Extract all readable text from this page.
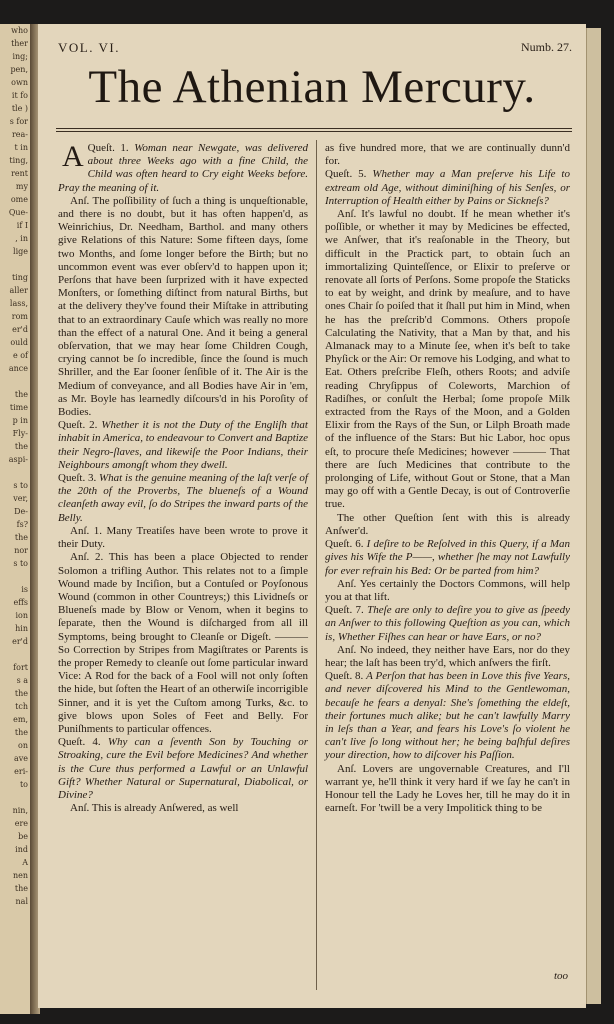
who
ther
ing;
pen,
own
it fo
tle )
s for
rea-
t in
ting,
rent
my
ome
Que-
if I
, in
lige

ting
aller
lass,
rom
er'd
ould
e of
ance

the
time
p in
Fly-
the
aspi-

s to
ver,
De-
fs?
the
nor
s to

is
effs
ion
hin
er'd

fort
s a
the
tch
em,
the
on
ave
eri-
to

nin,
ere
be
ind
A
nen
the
nal
VOL. VI.	Numb. 27.
The Athenian Mercury.

A Queſt. 1. Woman near Newgate, was delivered about three Weeks ago with a fine Child, the Child was often heard to Cry eight Weeks before. Pray the meaning of it.

Anſ. The poſſibility of ſuch a thing is unqueſtionable, and there is no doubt, but it has often happen'd, as Weinrichius, Dr. Needham, Barthol. and many others give Relations of this Nature: Some fifteen days, ſome two Months, and ſome longer before the Birth; but no uncommon event was ever obſerv'd to happen upon it; Perſons that have been ſurprized with it have expected Monſters, or ſomething diſtinct from natural Births, but at the delivery they've found their Miſtake in attributing that to an extraordinary Cauſe which was really no more than the effect of a natural One. And it being a general obſervation, that we may hear ſome Children Cough, crying cannot be ſo incredible, ſince the ſound is much Shriller, and the Ear ſooner ſenſible of it. The Air is the Medium of conveyance, and all Bodies have Air in 'em, as Mr. Boyle has learnedly diſcours'd in his Poroſity of Bodies.

Queſt. 2. Whether it is not the Duty of the Engliſh that inhabit in America, to endeavour to Convert and Baptize their Negro-ſlaves, and likewiſe the Poor Indians, their Neighbours amongſt whom they dwell.

Queſt. 3. What is the genuine meaning of the laſt verſe of the 20th of the Proverbs, The blueneſs of a Wound cleanſeth away evil, ſo do Stripes the inward parts of the Belly.

Anſ. 1. Many Treatiſes have been wrote to prove it their Duty.

Anſ. 2. This has been a place Objected to render Solomon a trifling Author. This relates not to a ſimple Wound made by Inciſion, but a Contuſed or Poyſonous Wound (common in other Countreys;) this Lividneſs or Blueneſs made by Blow or Venom, when it begins to ſeparate, then the Wound is diſcharged from all ill Symptoms, being brought to Cleanſe or Digeſt. ——— So Correction by Stripes from Magiſtrates or Parents is the proper Remedy to cleanſe out ſome particular inward Vice: A Rod for the back of a Fool will not only ſoften the hide, but ſoften the Heart of an otherwiſe incorrigible Sinner, and it is yet the Cuſtom among Turks, &c. to give blows upon Soles of Feet and Belly. For Puniſhments to particular offences.

Queſt. 4. Why can a ſeventh Son by Touching or Stroaking, cure the Evil before Medicines? And whether is the Cure thus performed a Lawful or an Unlawful Gift? Whether Natural or Supernatural, Diabolical, or Divine?

Anſ. This is already Anſwered, as well

as five hundred more, that we are continually dunn'd for.

Queſt. 5. Whether may a Man preſerve his Life to extream old Age, without diminiſhing of his Senſes, or Interruption of Health either by Pains or Sickneſs?

Anſ. It's lawful no doubt. If he mean whether it's poſſible, or whether it may by Medicines be effected, we Anſwer, that it's reaſonable in the Theory, but difficult in the Practick part, to obtain ſuch an immortalizing Quinteſſence, or Elixir to preſerve or renovate all ſorts of Perſons. Some propoſe the Staticks to eat by weight, and drink by meaſure, and to have ones Chair ſo poiſed that it ſhall put him in Mind, when he has the preſcrib'd Commons. Others propoſe Calculating the Nativity, that a Man by that, and his Almanack may to a Minute ſee, when it's beſt to take Phyſick or the Air: Or remove his Lodging, and what to Eat. Others preſcribe Fleſh, others Roots; and adviſe reading Chryſippus of Coleworts, Marchion of Radiſhes, or conſult the Herbal; ſome propoſe Milk extracted from the Rays of the Moon, and a Golden Elixir from the Rays of the Sun, or Lilph Broath made of the influence of the Stars: But hic Labor, hoc opus eſt, to procure theſe Medicines; however ——— That there are ſuch Medicines that contribute to the prolonging of Life, without Gout or Stone, that a Man may go off with a Gentle Decay, is out of Controverſie true.

The other Queſtion ſent with this is already Anſwer'd.

Queſt. 6. I deſire to be Reſolved in this Query, if a Man gives his Wife the P——, whether ſhe may not Lawfully for ever refrain his Bed: Or be parted from him?

Anſ. Yes certainly the Doctors Commons, will help you at that lift.

Queſt. 7. Theſe are only to deſire you to give as ſpeedy an Anſwer to this following Queſtion as you can, which is, Whether Fiſhes can hear or have Ears, or no?

Anſ. No indeed, they neither have Ears, nor do they hear; the laſt has been try'd, which anſwers the firſt.

Queſt. 8. A Perſon that has been in Love this five Years, and never diſcovered his Mind to the Gentlewoman, becauſe he fears a denyal: She's ſomething the eldeſt, their fortunes much alike; but he can't lawfully Marry in leſs than a Year, and fears his Love's ſo violent he can't live ſo long without her; he being baſhful deſires your direction, how to diſcover his Paſſion.

Anſ. Lovers are ungovernable Creatures, and I'll warrant ye, he'll think it very hard if we ſay he can't in Honour tell the Lady he Loves her, till he may do it in earneſt. For 'twill be a very Impolitick thing to be

too
